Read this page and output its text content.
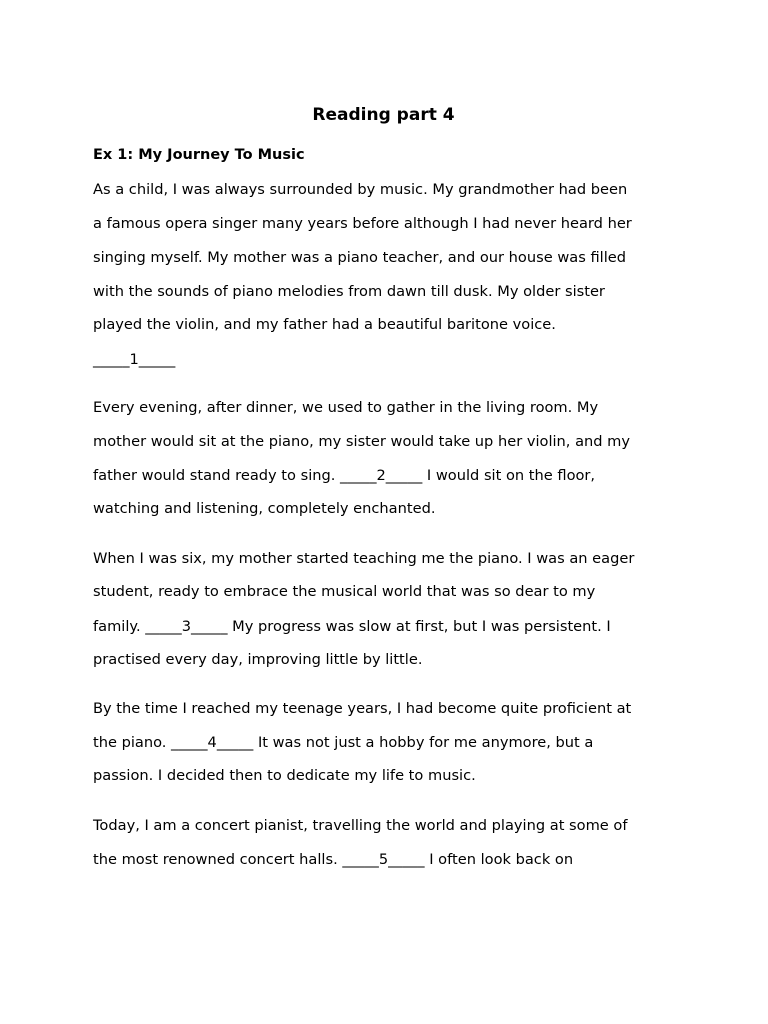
Reading part 4
Ex 1: My Journey To Music
As a child, I was always surrounded by music. My grandmother had been
a famous opera singer many years before although I had never heard her
singing myself. My mother was a piano teacher, and our house was filled
with the sounds of piano melodies from dawn till dusk. My older sister
played the violin, and my father had a beautiful baritone voice.
_____1_____
Every evening, after dinner, we used to gather in the living room. My
mother would sit at the piano, my sister would take up her violin, and my
father would stand ready to sing. _____2_____ I would sit on the floor,
watching and listening, completely enchanted.
When I was six, my mother started teaching me the piano. I was an eager
student, ready to embrace the musical world that was so dear to my
family. _____3_____ My progress was slow at first, but I was persistent. I
practised every day, improving little by little.
By the time I reached my teenage years, I had become quite proficient at
the piano. _____4_____ It was not just a hobby for me anymore, but a
passion. I decided then to dedicate my life to music.
Today, I am a concert pianist, travelling the world and playing at some of
the most renowned concert halls. _____5_____ I often look back on
